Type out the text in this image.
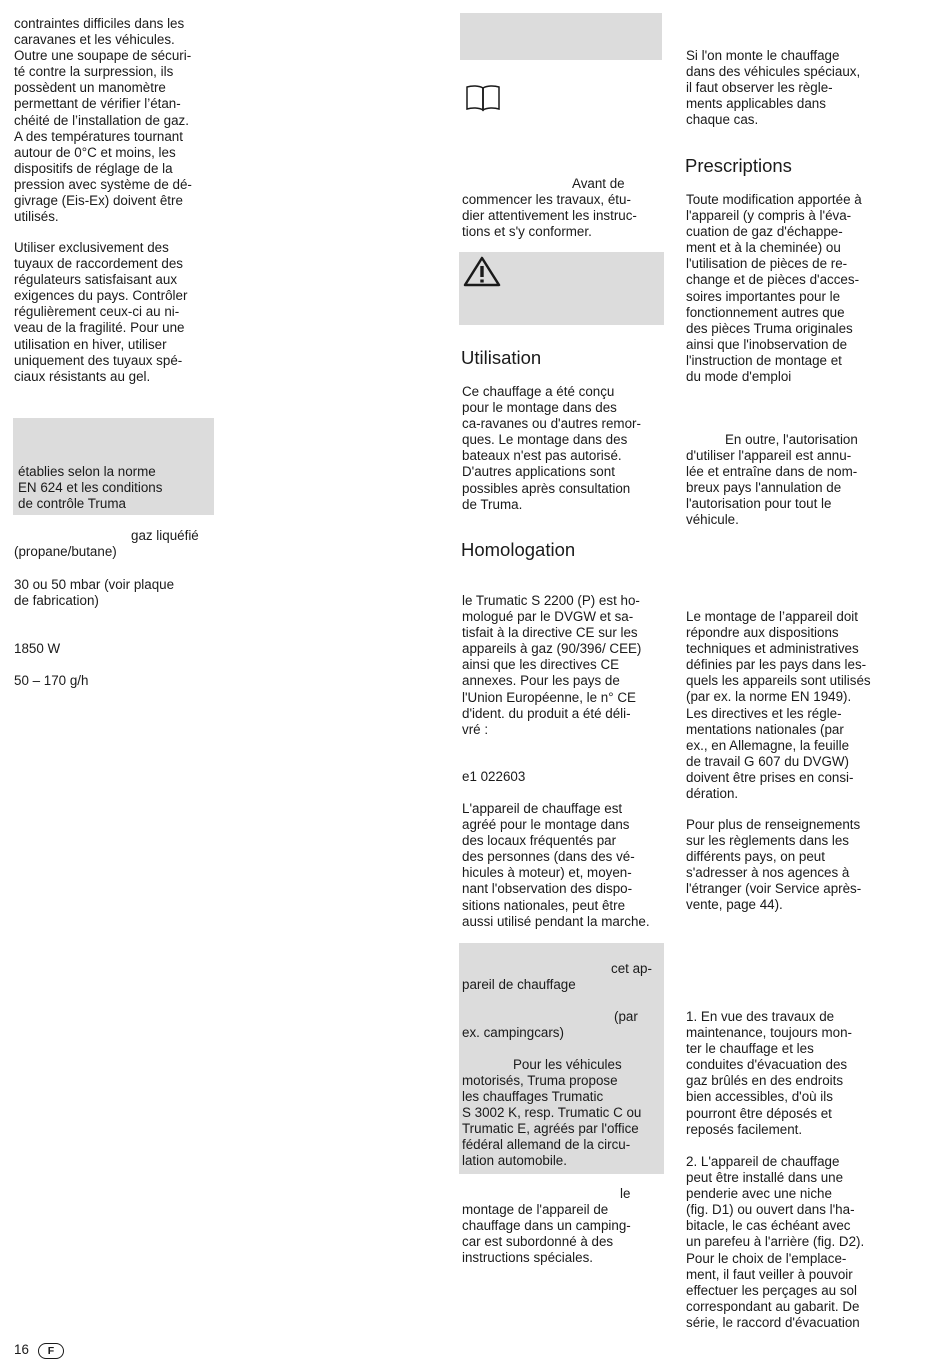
contraintes difficiles dans les
caravanes et les véhicules.
Outre une soupape de sécuri-
té contre la surpression, ils
possèdent un manomètre
permettant de vérifier l’étan-
chéité de l’installation de gaz.
A des températures tournant
autour de 0°C et moins, les
dispositifs de réglage de la
pression avec système de dé-
givrage (Eis-Ex) doivent être
utilisés.

Utiliser exclusivement des
tuyaux de raccordement des
régulateurs satisfaisant aux
exigences du pays. Contrôler
régulièrement ceux-ci au ni-
veau de la fragilité. Pour une
utilisation en hiver, utiliser
uniquement des tuyaux spé-
ciaux résistants au gel.

établies selon la norme
EN 624 et les conditions
de contrôle Truma

gaz liquéfié

(propane/butane)

30 ou 50 mbar (voir plaque
de fabrication)

1850 W

50 – 170 g/h

Avant de

commencer les travaux, étu-
dier attentivement les instruc-
tions et s'y conformer.

Utilisation

Ce chauffage a été conçu
pour le montage dans des
ca-ravanes ou d'autres remor-
ques. Le montage dans des
bateaux n'est pas autorisé.
D'autres applications sont
possibles après consultation
de Truma.

Homologation

le Trumatic S 2200 (P) est ho-
mologué par le DVGW et sa-
tisfait à la directive CE sur les
appareils à gaz (90/396/ CEE)
ainsi que les directives CE
annexes. Pour les pays de
l'Union Européenne, le n° CE
d'ident. du produit a été déli-
vré :

e1 022603

L'appareil de chauffage est
agréé pour le montage dans
des locaux fréquentés par
des personnes (dans des vé-
hicules à moteur) et, moyen-
nant l'observation des dispo-
sitions nationales, peut être
aussi utilisé pendant la marche.

cet ap-

pareil de chauffage

(par

ex. campingcars)

Pour les véhicules

motorisés, Truma propose
les chauffages Trumatic
S 3002 K, resp. Trumatic C ou
Trumatic E, agréés par l'office
fédéral allemand de la circu-
lation automobile.

le

montage de l'appareil de
chauffage dans un camping-
car est subordonné à des
instructions spéciales.

Si l'on monte le chauffage
dans des véhicules spéciaux,
il faut observer les règle-
ments applicables dans
chaque cas.

Prescriptions

Toute modification apportée à
l'appareil (y compris à l'éva-
cuation de gaz d'échappe-
ment et à la cheminée) ou
l'utilisation de pièces de re-
change et de pièces d'acces-
soires importantes pour le
fonctionnement autres que
des pièces Truma originales
ainsi que l'inobservation de
l'instruction de montage et
du mode d'emploi

En outre, l'autorisation

d'utiliser l'appareil est annu-
lée et entraîne dans de nom-
breux pays l'annulation de
l'autorisation pour tout le
véhicule.

Le montage de l’appareil doit
répondre aux dispositions
techniques et administratives
définies par les pays dans les-
quels les appareils sont utilisés
(par ex. la norme EN 1949).
Les directives et les régle-
mentations nationales (par
ex., en Allemagne, la feuille
de travail G 607 du DVGW)
doivent être prises en consi-
dération.

Pour plus de renseignements
sur les règlements dans les
différents pays, on peut
s'adresser à nos agences à
l'étranger (voir Service après-
vente, page 44).

1. En vue des travaux de
maintenance, toujours mon-
ter le chauffage et les
conduites d'évacuation des
gaz brûlés en des endroits
bien accessibles, d'où ils
pourront être déposés et
reposés facilement.

2. L'appareil de chauffage
peut être installé dans une
penderie avec une niche
(fig. D1) ou ouvert dans l'ha-
bitacle, le cas échéant avec
un parefeu à l'arrière (fig. D2).
Pour le choix de l'emplace-
ment, il faut veiller à pouvoir
effectuer les perçages au sol
correspondant au gabarit. De
série, le raccord d'évacuation

16	F
